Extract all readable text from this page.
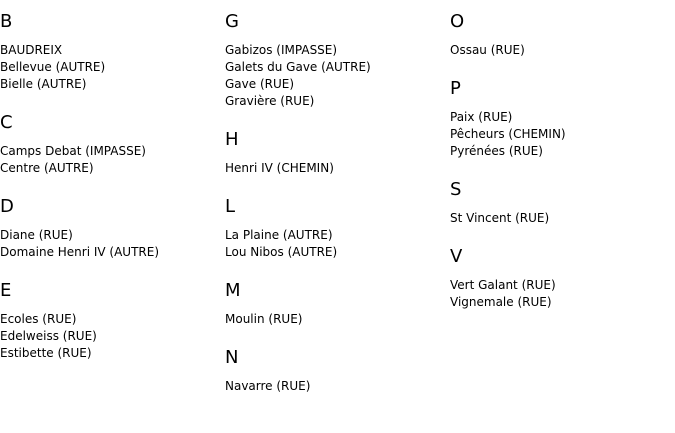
B
BAUDREIX
Bellevue (AUTRE)
Bielle (AUTRE)
C
Camps Debat (IMPASSE)
Centre (AUTRE)
D
Diane (RUE)
Domaine Henri IV (AUTRE)
E
Ecoles (RUE)
Edelweiss (RUE)
Estibette (RUE)
G
Gabizos (IMPASSE)
Galets du Gave (AUTRE)
Gave (RUE)
Gravière (RUE)
H
Henri IV (CHEMIN)
L
La Plaine (AUTRE)
Lou Nibos (AUTRE)
M
Moulin (RUE)
N
Navarre (RUE)
O
Ossau (RUE)
P
Paix (RUE)
Pêcheurs (CHEMIN)
Pyrénées (RUE)
S
St Vincent (RUE)
V
Vert Galant (RUE)
Vignemale (RUE)
